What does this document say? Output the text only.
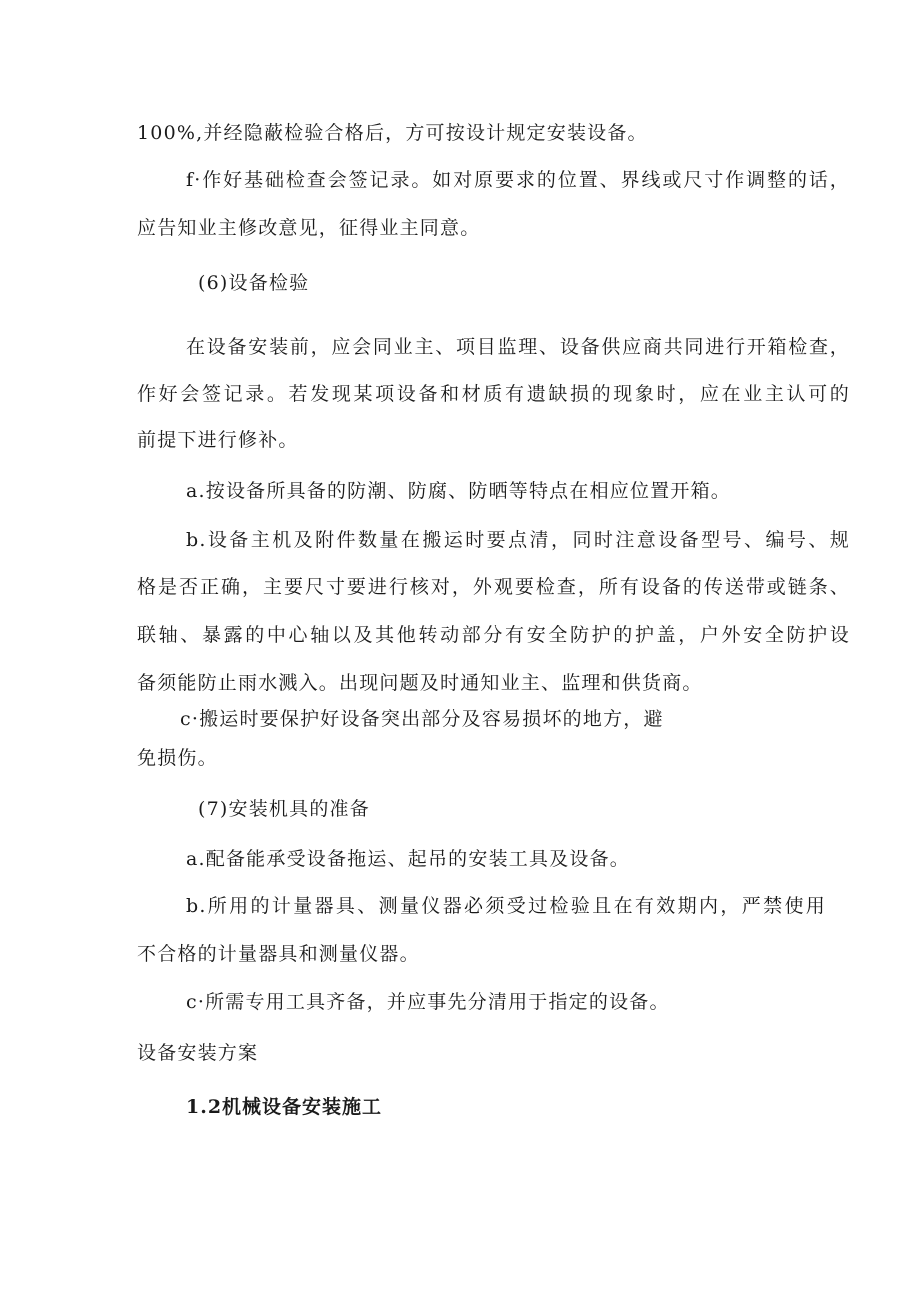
100%,并经隐蔽检验合格后，方可按设计规定安装设备。
f·作好基础检查会签记录。如对原要求的位置、界线或尺寸作调整的话，
应告知业主修改意见，征得业主同意。
(6)设备检验
在设备安装前，应会同业主、项目监理、设备供应商共同进行开箱检查，
作好会签记录。若发现某项设备和材质有遗缺损的现象时，应在业主认可的
前提下进行修补。
a.按设备所具备的防潮、防腐、防晒等特点在相应位置开箱。
b.设备主机及附件数量在搬运时要点清，同时注意设备型号、编号、规
格是否正确，主要尺寸要进行核对，外观要检查，所有设备的传送带或链条、
联轴、暴露的中心轴以及其他转动部分有安全防护的护盖，户外安全防护设
备须能防止雨水溅入。出现问题及时通知业主、监理和供货商。
c·搬运时要保护好设备突出部分及容易损坏的地方，避
免损伤。
(7)安装机具的准备
a.配备能承受设备拖运、起吊的安装工具及设备。
b.所用的计量器具、测量仪器必须受过检验且在有效期内，严禁使用
不合格的计量器具和测量仪器。
c·所需专用工具齐备，并应事先分清用于指定的设备。
设备安装方案
1.2机械设备安装施工
